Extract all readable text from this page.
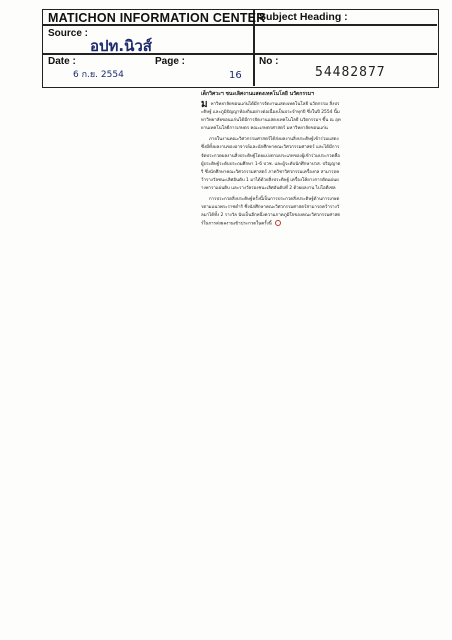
MATICHON INFORMATION CENTER
Subject Heading :
Source :
อปท.นิวส์
Date :
6 ก.ย. 2554
Page :
16
No :
54482877
เด็กวิศวะฯ ชนะเลิศงานแสดงเทคโนโลยี นวัตกรรมฯ

ม หาวิทยาลัยขอนแก่นได้มีการจัดงานแสดงเทคโนโลยี นวัตกรรม สิ่งประดิษฐ์ และภูมิปัญญาท้องถิ่นอย่างต่อเนื่องเป็นประจำทุกปี ซึ่งในปี 2554 นี้มหาวิทยาลัยขอนแก่นได้มีการจัดงานแสดงเทคโนโลยี นวัตกรรมฯ ขึ้น ณ อุทยานเทคโนโลยีการเกษตร คณะเกษตรศาสตร์ มหาวิทยาลัยขอนแก่น

ภายในงานคณะวิศวกรรมศาสตร์ได้ส่งผลงานสิ่งประดิษฐ์เข้าร่วมแสดง ซึ่งมีทั้งผลงานของอาจารย์และนักศึกษาคณะวิศวกรรมศาสตร์ และได้มีการจัดประกวดผลงานสิ่งประดิษฐ์โดยแบ่งตามประเภทของผู้เข้าร่วมประกวดคือ ผู้ประดิษฐ์ระดับประถมศึกษา 1-6 ปวช. และผู้ระดับนักศึกษาปวส. ปริญญาตรี ซึ่งนักศึกษาคณะวิศวกรรมศาสตร์ ภาควิชาวิศวกรรมเครื่องกล สามารถคว้ารางวัลชนะเลิศอันดับ 1 มาได้ด้วยสิ่งประดิษฐ์ เครื่องโค้ยางการตัดแผ่นยางพาราแผ่นดิบ และรางวัลรองชนะเลิศอันดับที่ 2 ด้วยผลงาน ไบโอดีเซล

การประกวดสิ่งประดิษฐ์ครั้งนี้เป็นการประกวดสิ่งประดิษฐ์ด้านการเกษตรตามแนวพระราชดำริ ซึ่งนักศึกษาคณะวิศวกรรมศาสตร์สามารถคว้ารางวัลมาได้ทั้ง 2 รางวัล นับเป็นอีกหนึ่งความภาคภูมิใจของคณะวิศวกรรมศาสตร์ในการส่งผลงานเข้าประกวดในครั้งนี้
